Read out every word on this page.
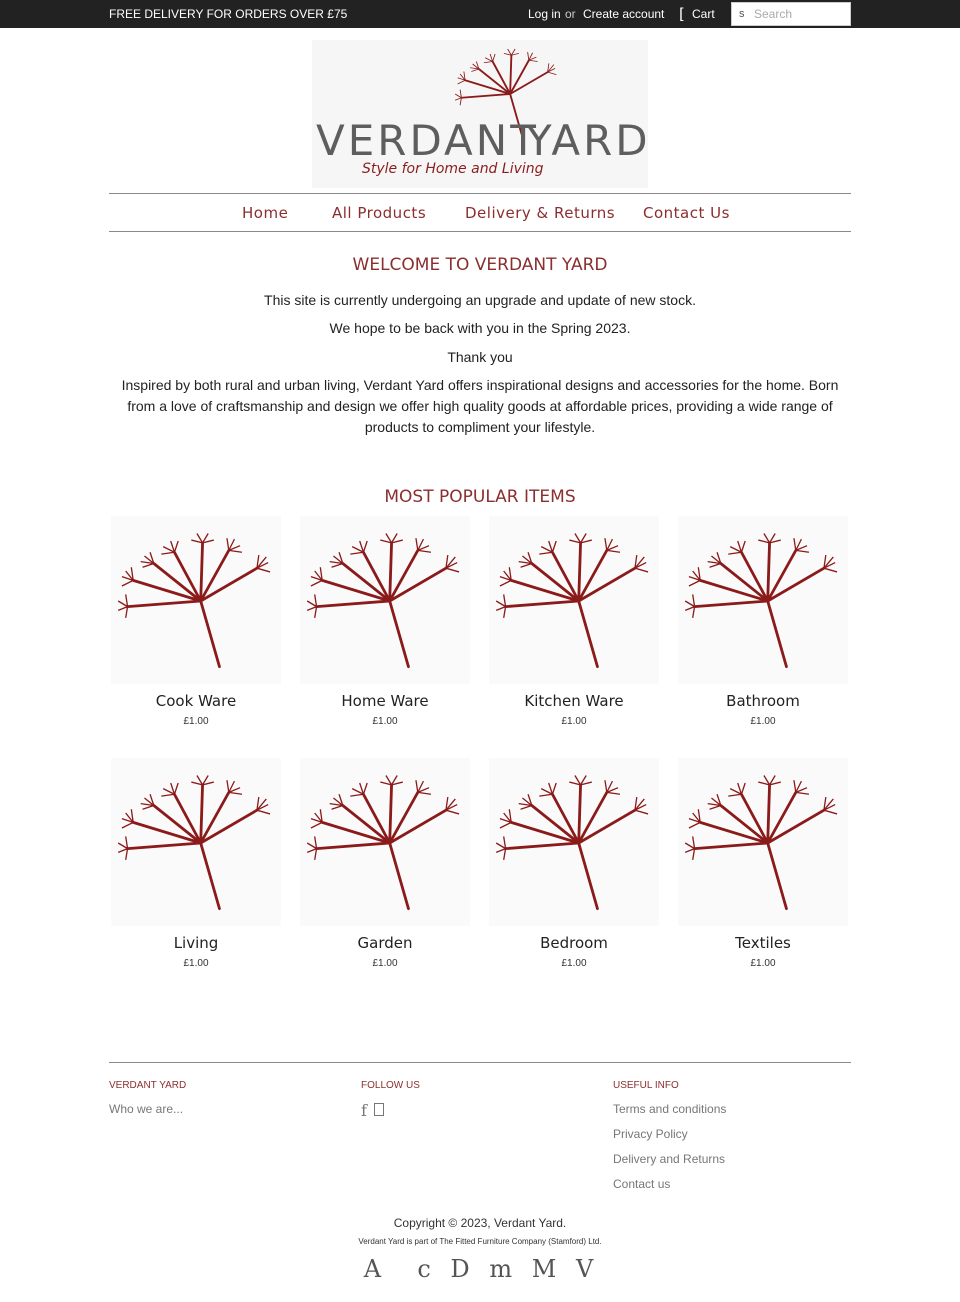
FREE DELIVERY FOR ORDERS OVER £75	Log in or Create account [ Cart s
Search
VERDANT
YARD
Style for Home and Living
Home	All Products	Delivery & Returns Contact Us
WELCOME TO VERDANT YARD

This site is currently undergoing an upgrade and update of new stock.

We hope to be back with you in the Spring 2023.

Thank you

Inspired by both rural and urban living, Verdant Yard offers inspirational designs and accessories for the home. Born from a love of craftsmanship and design we offer high quality goods at affordable prices, providing a wide range of products to compliment your lifestyle.

MOST POPULAR ITEMS
Cook Ware
£1.00
Home Ware
£1.00
Kitchen Ware
£1.00
Bathroom
£1.00
Living
£1.00
Garden
£1.00
Bedroom
£1.00
Textiles
£1.00
VERDANT YARD
Who we are...
FOLLOW US
f
USEFUL INFO
Terms and conditions
Privacy Policy
Delivery and Returns
Contact us
Copyright © 2023, Verdant Yard.
Verdant Yard is part of The Fitted Furniture Company (Stamford) Ltd.
A c D m M V
